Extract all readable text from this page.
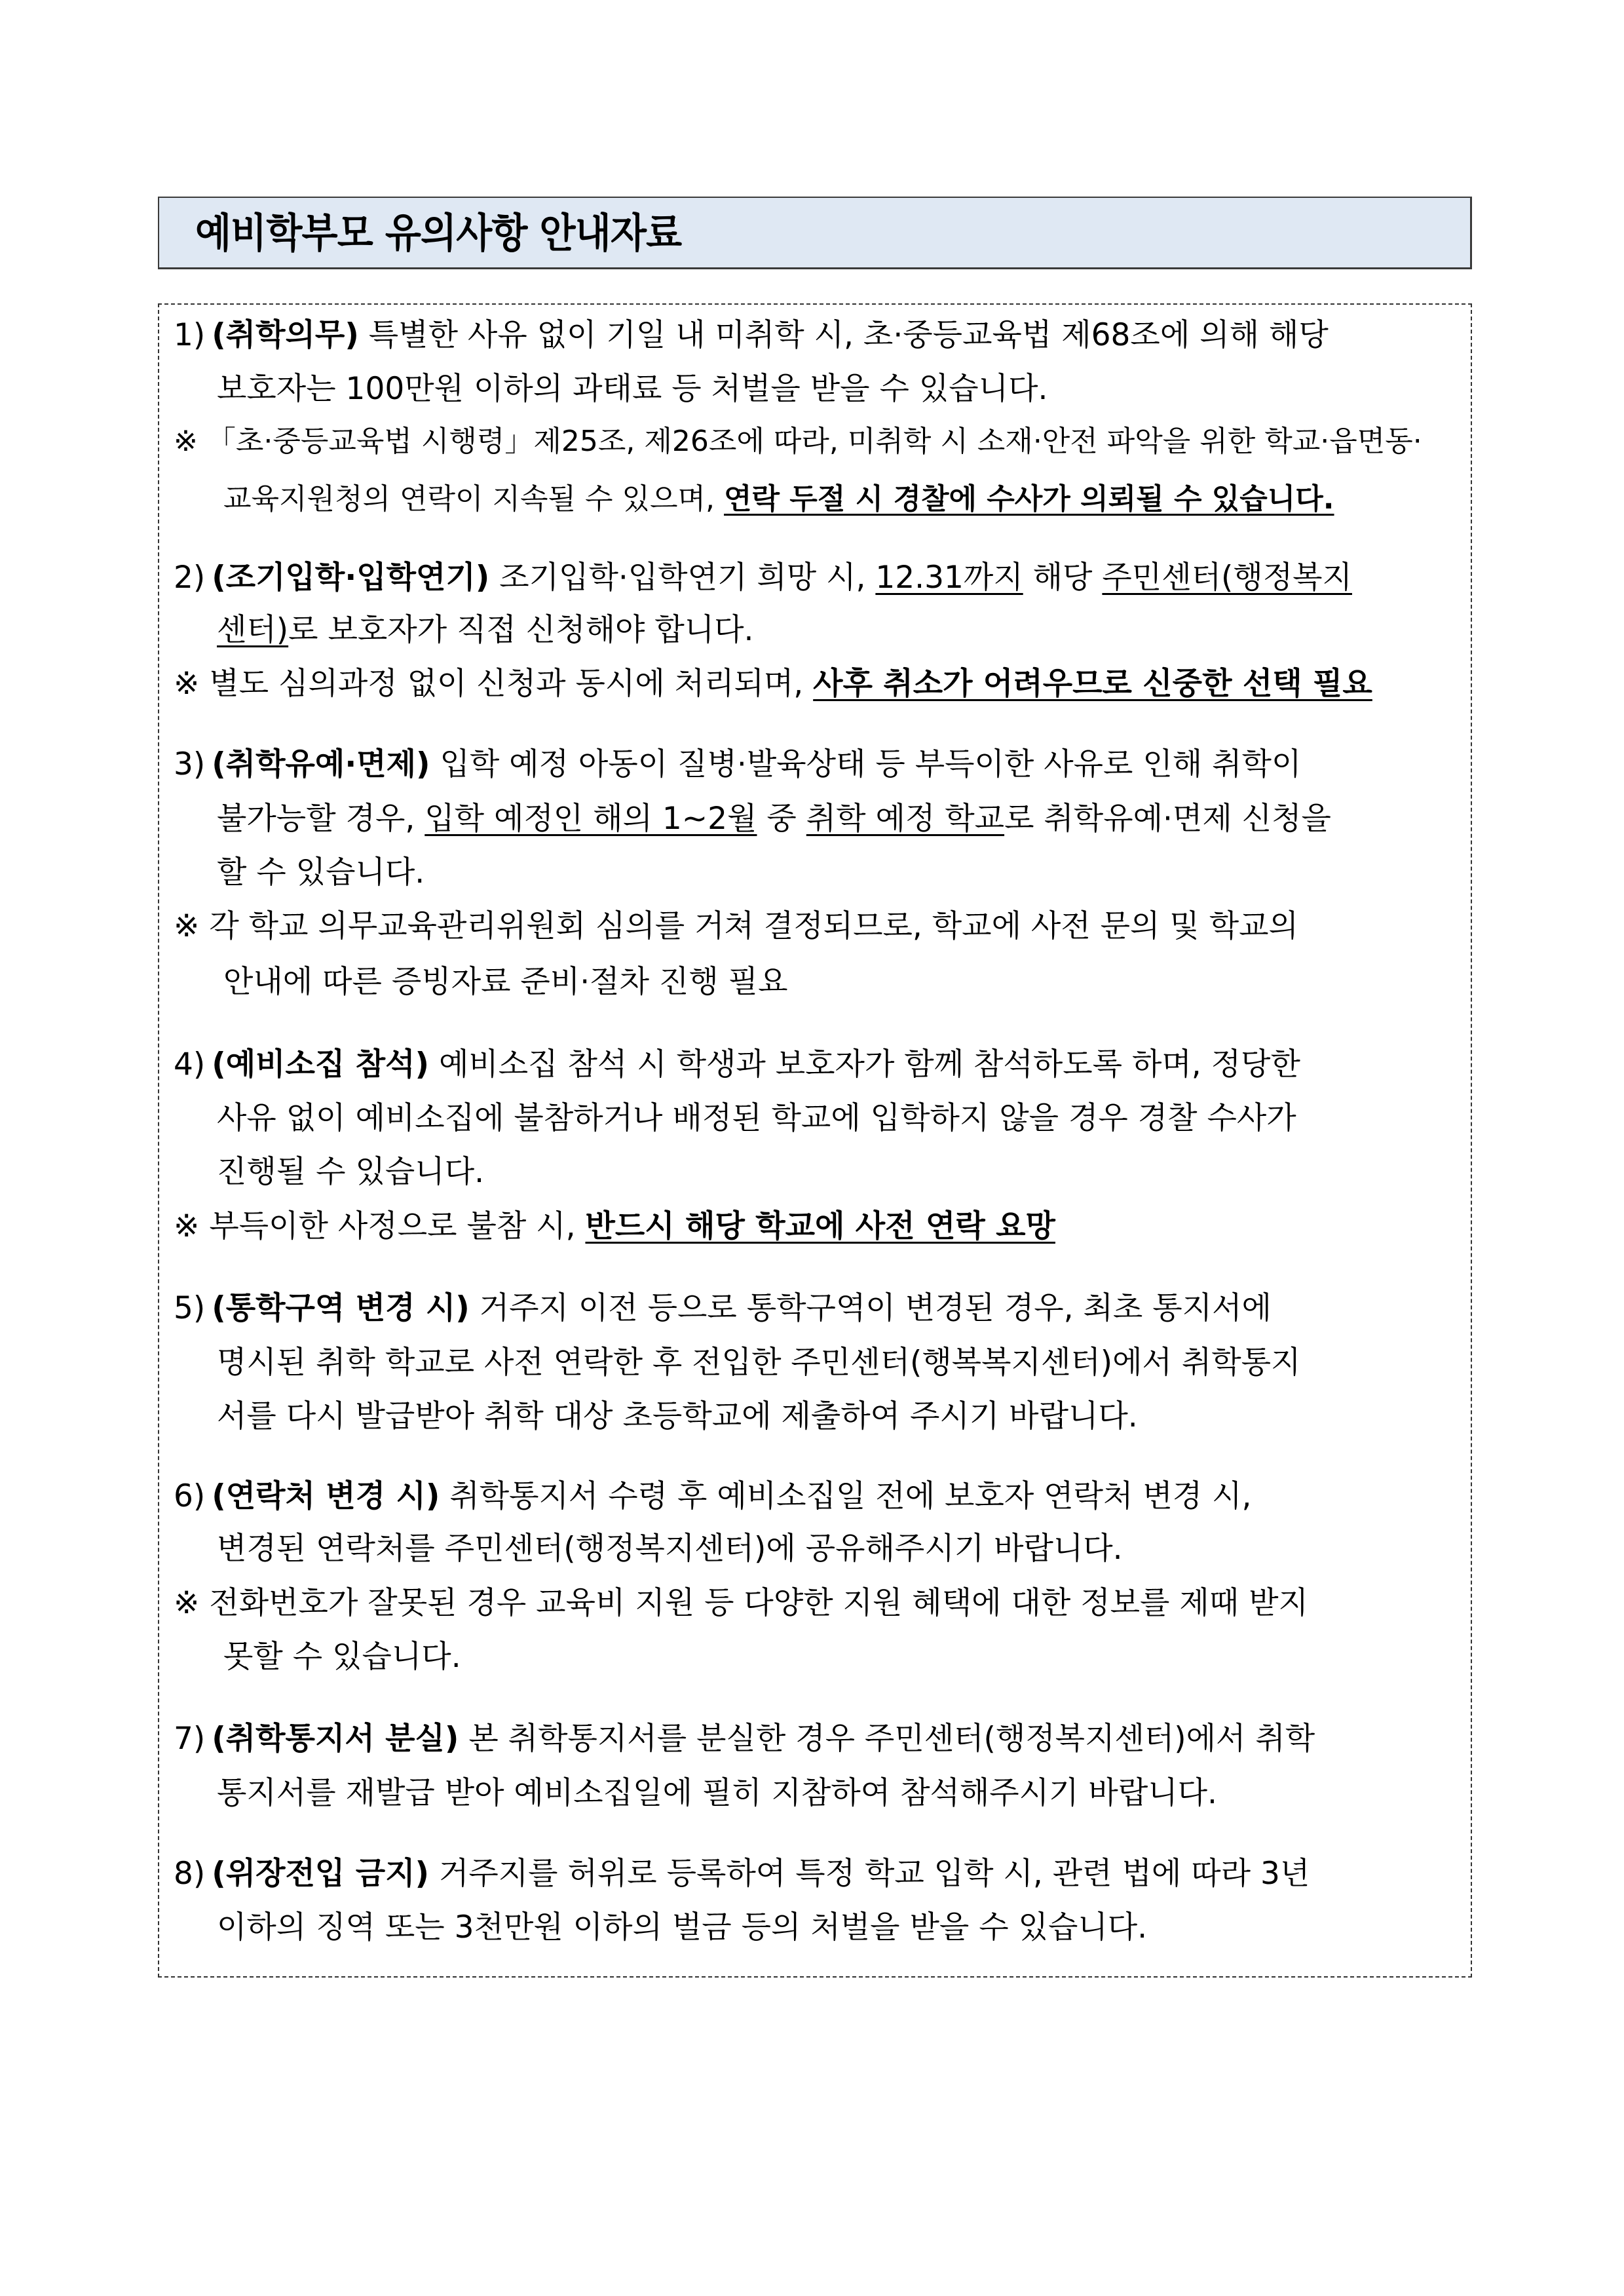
예비학부모 유의사항 안내자료
1) (취학의무) 특별한 사유 없이 기일 내 미취학 시, 초·중등교육법 제68조에 의해 해당
보호자는 100만원 이하의 과태료 등 처벌을 받을 수 있습니다.
※ 「초·중등교육법 시행령」제25조, 제26조에 따라, 미취학 시 소재·안전 파악을 위한 학교·읍면동·
교육지원청의 연락이 지속될 수 있으며, 연락 두절 시 경찰에 수사가 의뢰될 수 있습니다.
2) (조기입학·입학연기) 조기입학·입학연기 희망 시, 12.31까지 해당 주민센터(행정복지
센터)로 보호자가 직접 신청해야 합니다.
※ 별도 심의과정 없이 신청과 동시에 처리되며, 사후 취소가 어려우므로 신중한 선택 필요
3) (취학유예·면제) 입학 예정 아동이 질병·발육상태 등 부득이한 사유로 인해 취학이
불가능할 경우, 입학 예정인 해의 1~2월 중 취학 예정 학교로 취학유예·면제 신청을
할 수 있습니다.
※ 각 학교 의무교육관리위원회 심의를 거쳐 결정되므로, 학교에 사전 문의 및 학교의
안내에 따른 증빙자료 준비·절차 진행 필요
4) (예비소집 참석) 예비소집 참석 시 학생과 보호자가 함께 참석하도록 하며, 정당한
사유 없이 예비소집에 불참하거나 배정된 학교에 입학하지 않을 경우 경찰 수사가
진행될 수 있습니다.
※ 부득이한 사정으로 불참 시, 반드시 해당 학교에 사전 연락 요망
5) (통학구역 변경 시) 거주지 이전 등으로 통학구역이 변경된 경우, 최초 통지서에
명시된 취학 학교로 사전 연락한 후 전입한 주민센터(행복복지센터)에서 취학통지
서를 다시 발급받아 취학 대상 초등학교에 제출하여 주시기 바랍니다.
6) (연락처 변경 시) 취학통지서 수령 후 예비소집일 전에 보호자 연락처 변경 시,
변경된 연락처를 주민센터(행정복지센터)에 공유해주시기 바랍니다.
※ 전화번호가 잘못된 경우 교육비 지원 등 다양한 지원 혜택에 대한 정보를 제때 받지
못할 수 있습니다.
7) (취학통지서 분실) 본 취학통지서를 분실한 경우 주민센터(행정복지센터)에서 취학
통지서를 재발급 받아 예비소집일에 필히 지참하여 참석해주시기 바랍니다.
8) (위장전입 금지) 거주지를 허위로 등록하여 특정 학교 입학 시, 관련 법에 따라 3년
이하의 징역 또는 3천만원 이하의 벌금 등의 처벌을 받을 수 있습니다.
